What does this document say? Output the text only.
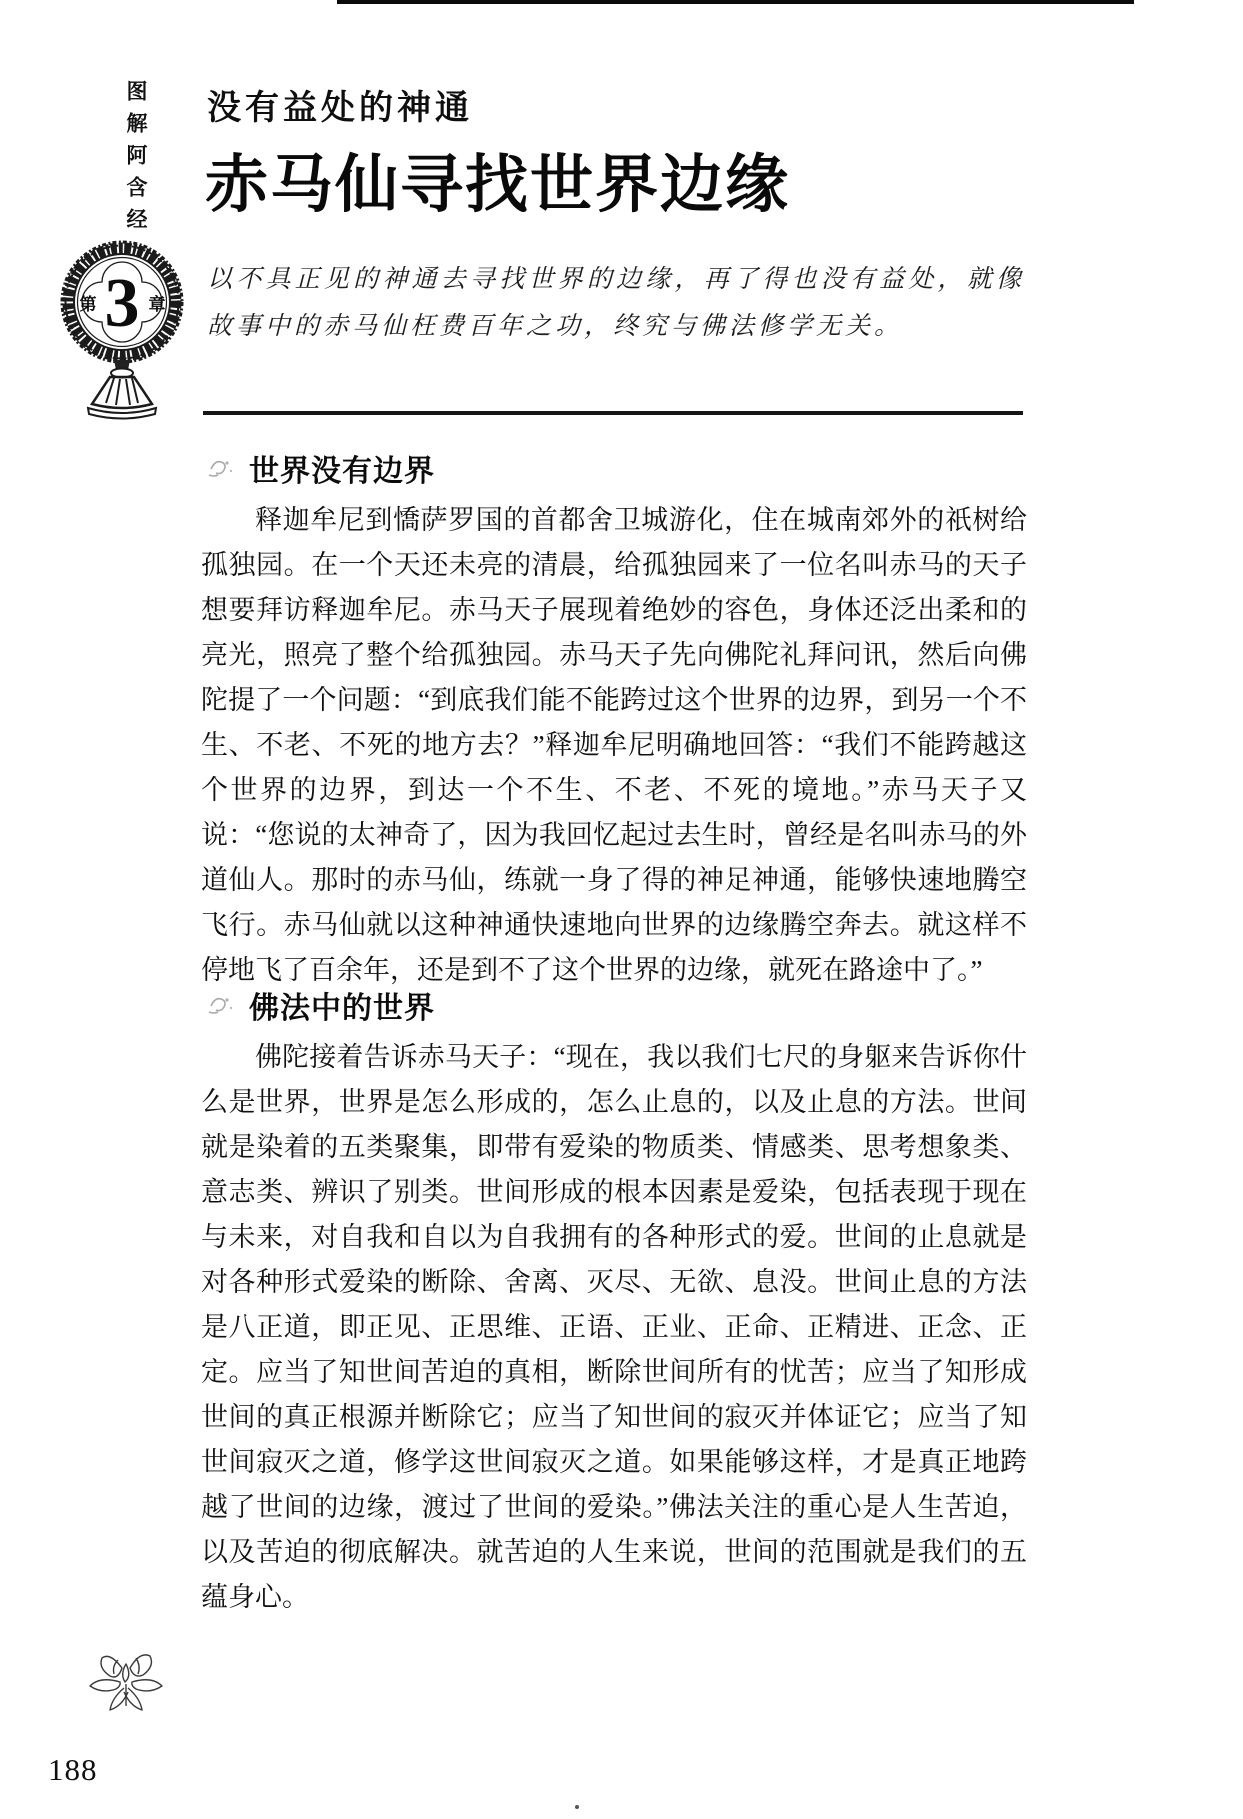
图解阿含经
第 3 章
没有益处的神通
赤马仙寻找世界边缘

以不具正见的神通去寻找世界的边缘，再了得也没有益处，就像故事中的赤马仙枉费百年之功，终究与佛法修学无关。

世界没有边界

释迦牟尼到憍萨罗国的首都舍卫城游化，住在城南郊外的祇树给孤独园。在一个天还未亮的清晨，给孤独园来了一位名叫赤马的天子想要拜访释迦牟尼。赤马天子展现着绝妙的容色，身体还泛出柔和的亮光，照亮了整个给孤独园。赤马天子先向佛陀礼拜问讯，然后向佛陀提了一个问题：“到底我们能不能跨过这个世界的边界，到另一个不生、不老、不死的地方去？”释迦牟尼明确地回答：“我们不能跨越这个世界的边界，到达一个不生、不老、不死的境地。”赤马天子又说：“您说的太神奇了，因为我回忆起过去生时，曾经是名叫赤马的外道仙人。那时的赤马仙，练就一身了得的神足神通，能够快速地腾空飞行。赤马仙就以这种神通快速地向世界的边缘腾空奔去。就这样不停地飞了百余年，还是到不了这个世界的边缘，就死在路途中了。”

佛法中的世界

佛陀接着告诉赤马天子：“现在，我以我们七尺的身躯来告诉你什么是世界，世界是怎么形成的，怎么止息的，以及止息的方法。世间就是染着的五类聚集，即带有爱染的物质类、情感类、思考想象类、意志类、辨识了别类。世间形成的根本因素是爱染，包括表现于现在与未来，对自我和自以为自我拥有的各种形式的爱。世间的止息就是对各种形式爱染的断除、舍离、灭尽、无欲、息没。世间止息的方法是八正道，即正见、正思维、正语、正业、正命、正精进、正念、正定。应当了知世间苦迫的真相，断除世间所有的忧苦；应当了知形成世间的真正根源并断除它；应当了知世间的寂灭并体证它；应当了知世间寂灭之道，修学这世间寂灭之道。如果能够这样，才是真正地跨越了世间的边缘，渡过了世间的爱染。”佛法关注的重心是人生苦迫，以及苦迫的彻底解决。就苦迫的人生来说，世间的范围就是我们的五蕴身心。

188
